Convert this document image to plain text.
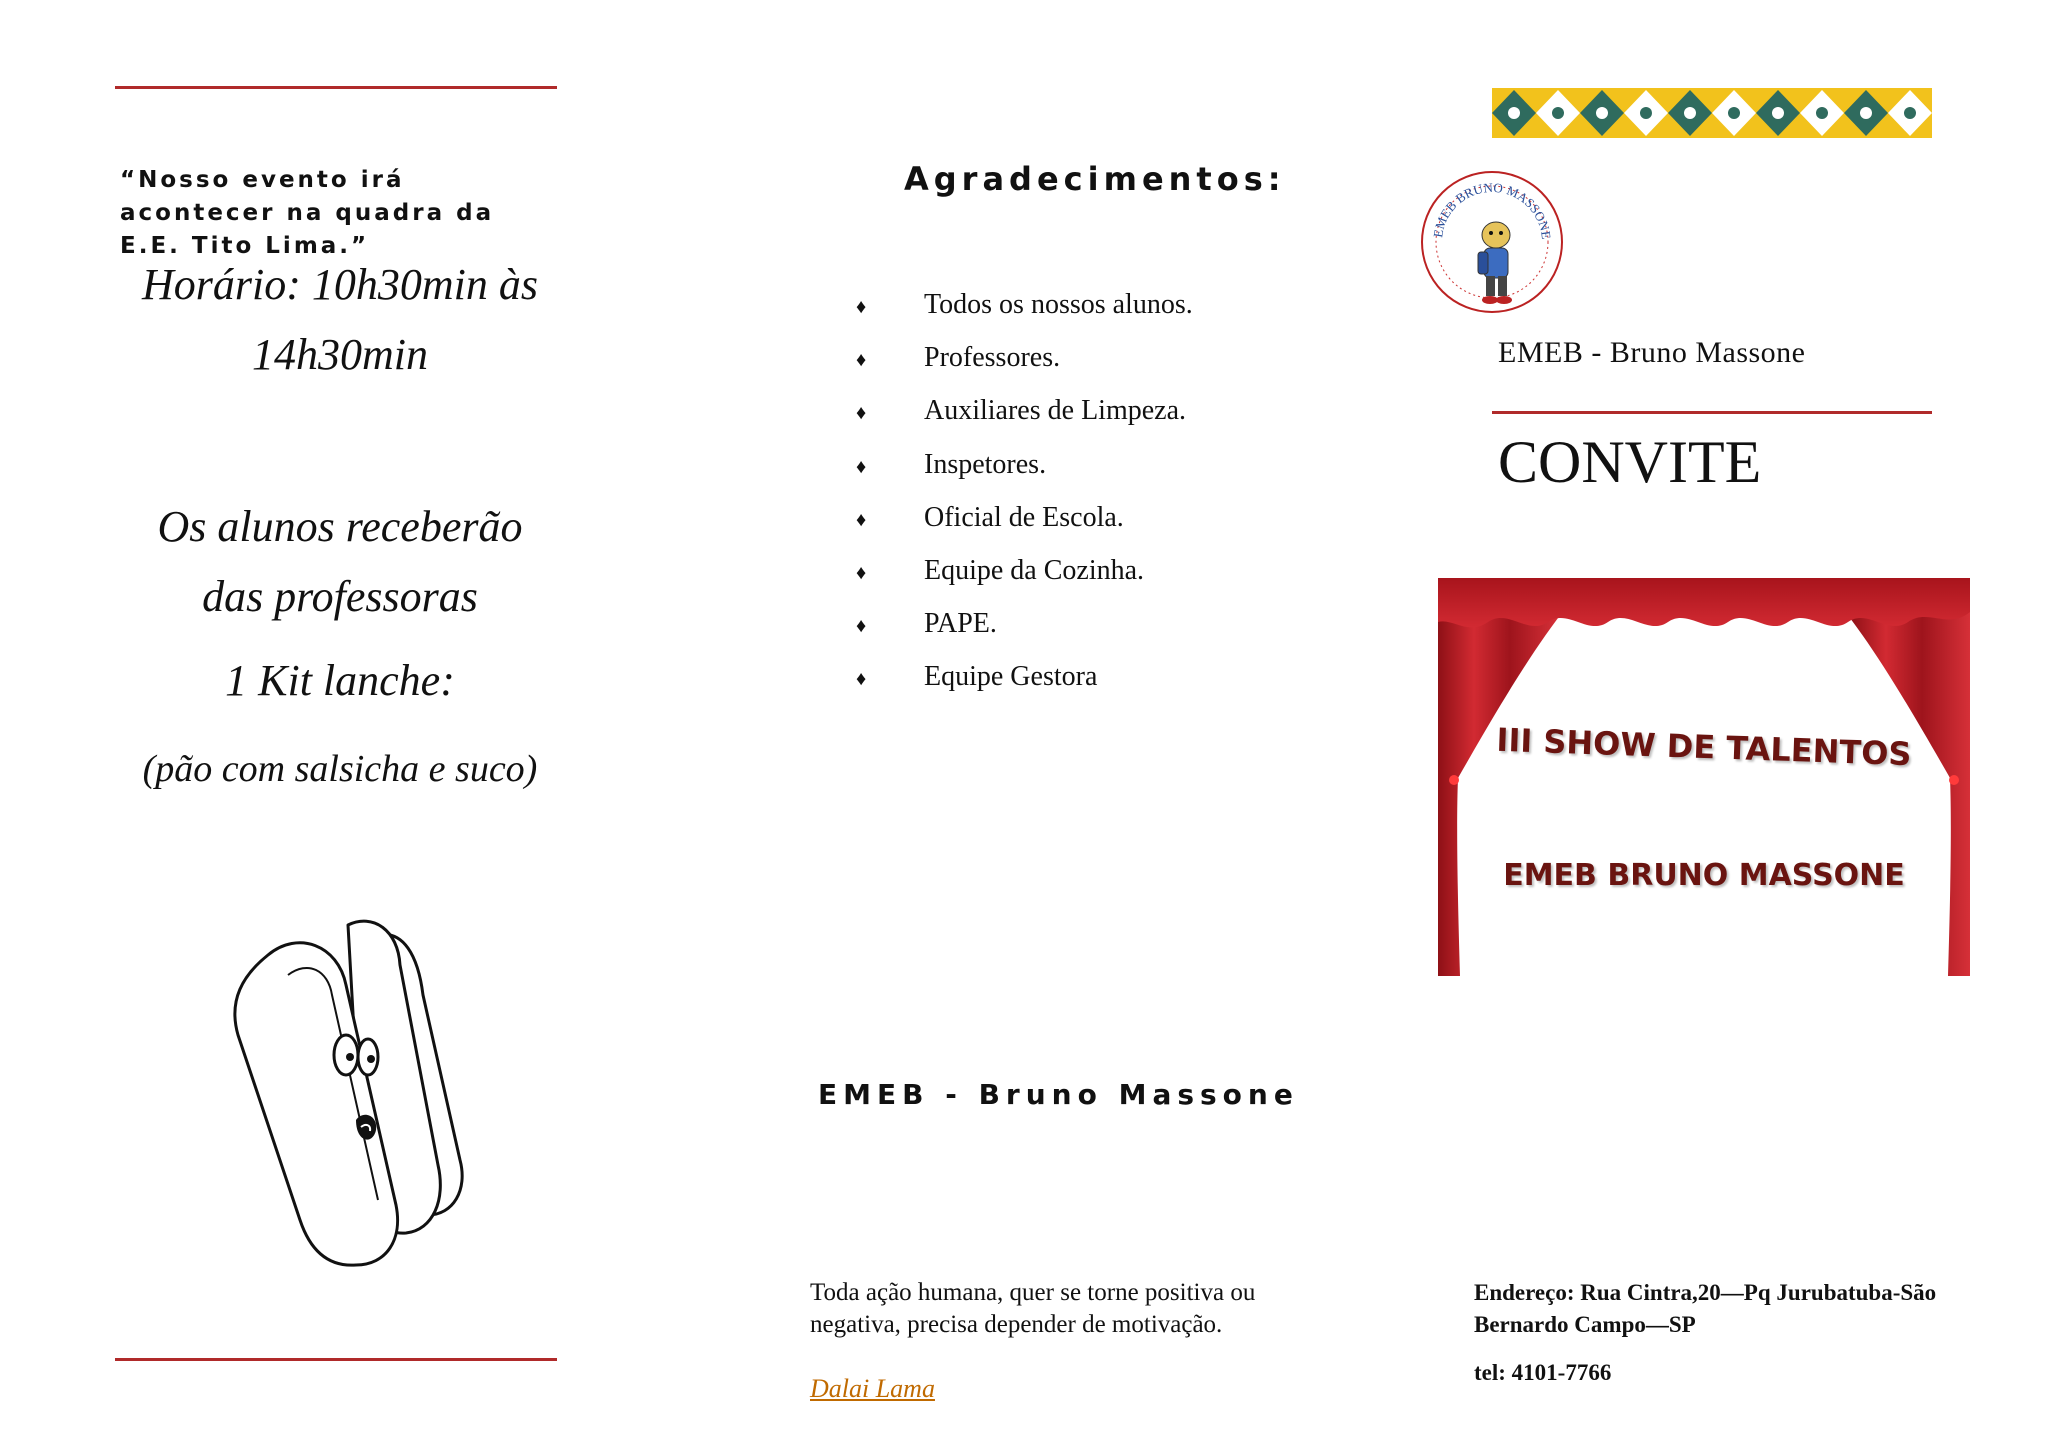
“Nosso evento irá acontecer na quadra da E.E. Tito Lima.”
Horário: 10h30min às
14h30min
Os alunos receberão
das professoras
1 Kit lanche:
(pão com salsicha e suco)
Agradecimentos:
♦	Todos os nossos alunos.
♦	Professores.
♦	Auxiliares de Limpeza.
♦	Inspetores.
♦	Oficial de Escola.
♦	Equipe da Cozinha.
♦	PAPE.
♦	Equipe Gestora
EMEB - Bruno Massone
Toda ação humana, quer se torne positiva ou negativa, precisa depender de motivação.
Dalai Lama
EMEB BRUNO MASSONE
EMEB - Bruno Massone
CONVITE
III SHOW DE TALENTOS
EMEB BRUNO MASSONE
Endereço: Rua Cintra,20—Pq Jurubatuba-São Bernardo Campo—SP
tel: 4101-7766
